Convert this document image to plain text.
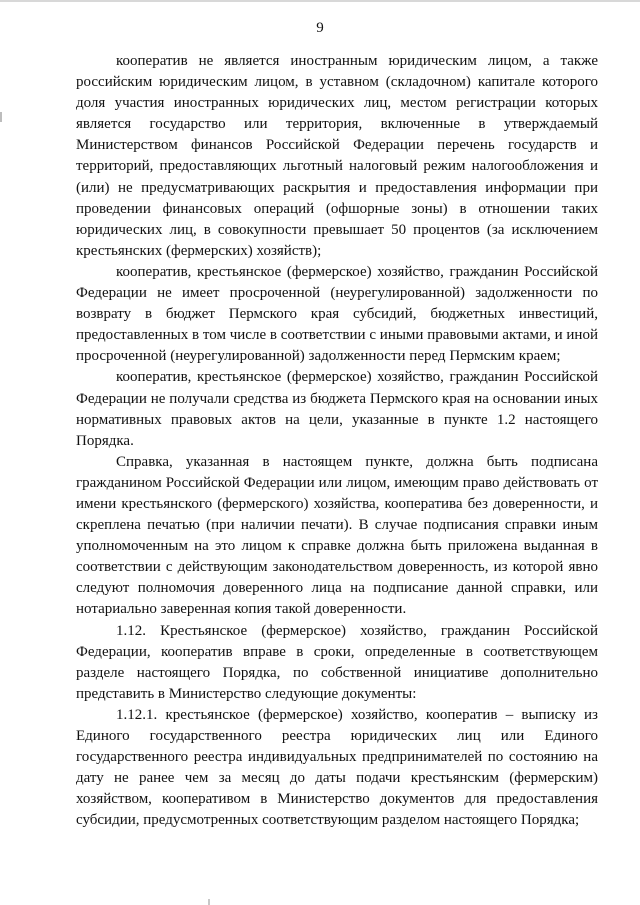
9

кооператив не является иностранным юридическим лицом, а также российским юридическим лицом, в уставном (складочном) капитале которого доля участия иностранных юридических лиц, местом регистрации которых является государство или территория, включенные в утверждаемый Министерством финансов Российской Федерации перечень государств и территорий, предоставляющих льготный налоговый режим налогообложения и (или) не предусматривающих раскрытия и предоставления информации при проведении финансовых операций (офшорные зоны) в отношении таких юридических лиц, в совокупности превышает 50 процентов (за исключением крестьянских (фермерских) хозяйств);

кооператив, крестьянское (фермерское) хозяйство, гражданин Российской Федерации не имеет просроченной (неурегулированной) задолженности по возврату в бюджет Пермского края субсидий, бюджетных инвестиций, предоставленных в том числе в соответствии с иными правовыми актами, и иной просроченной (неурегулированной) задолженности перед Пермским краем;

кооператив, крестьянское (фермерское) хозяйство, гражданин Российской Федерации не получали средства из бюджета Пермского края на основании иных нормативных правовых актов на цели, указанные в пункте 1.2 настоящего Порядка.

Справка, указанная в настоящем пункте, должна быть подписана гражданином Российской Федерации или лицом, имеющим право действовать от имени крестьянского (фермерского) хозяйства, кооператива без доверенности, и скреплена печатью (при наличии печати). В случае подписания справки иным уполномоченным на это лицом к справке должна быть приложена выданная в соответствии с действующим законодательством доверенность, из которой явно следуют полномочия доверенного лица на подписание данной справки, или нотариально заверенная копия такой доверенности.

1.12. Крестьянское (фермерское) хозяйство, гражданин Российской Федерации, кооператив вправе в сроки, определенные в соответствующем разделе настоящего Порядка, по собственной инициативе дополнительно представить в Министерство следующие документы:

1.12.1. крестьянское (фермерское) хозяйство, кооператив – выписку из Единого государственного реестра юридических лиц или Единого государственного реестра индивидуальных предпринимателей по состоянию на дату не ранее чем за месяц до даты подачи крестьянским (фермерским) хозяйством, кооперативом в Министерство документов для предоставления субсидии, предусмотренных соответствующим разделом настоящего Порядка;
